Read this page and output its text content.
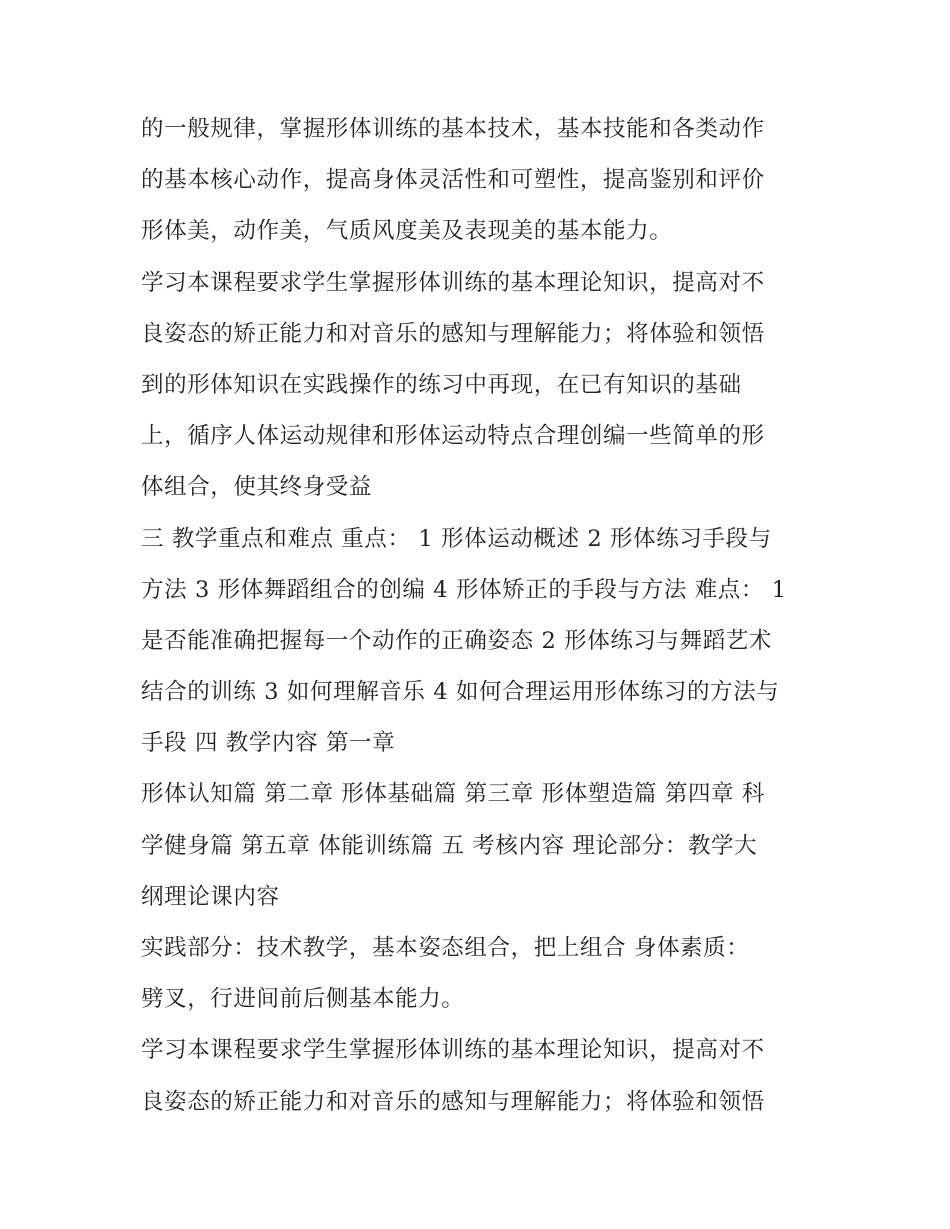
的一般规律，掌握形体训练的基本技术，基本技能和各类动作
的基本核心动作，提高身体灵活性和可塑性，提高鉴别和评价
形体美，动作美，气质风度美及表现美的基本能力。
学习本课程要求学生掌握形体训练的基本理论知识，提高对不
良姿态的矫正能力和对音乐的感知与理解能力；将体验和领悟
到的形体知识在实践操作的练习中再现，在已有知识的基础
上，循序人体运动规律和形体运动特点合理创编一些简单的形
体组合，使其终身受益
三 教学重点和难点 重点： 1 形体运动概述 2 形体练习手段与
方法 3 形体舞蹈组合的创编 4 形体矫正的手段与方法 难点： 1
是否能准确把握每一个动作的正确姿态 2 形体练习与舞蹈艺术
结合的训练 3 如何理解音乐 4 如何合理运用形体练习的方法与
手段 四 教学内容 第一章
形体认知篇 第二章 形体基础篇 第三章 形体塑造篇 第四章 科
学健身篇 第五章 体能训练篇 五 考核内容 理论部分：教学大
纲理论课内容
实践部分：技术教学，基本姿态组合，把上组合 身体素质：
劈叉，行进间前后侧基本能力。
学习本课程要求学生掌握形体训练的基本理论知识，提高对不
良姿态的矫正能力和对音乐的感知与理解能力；将体验和领悟
